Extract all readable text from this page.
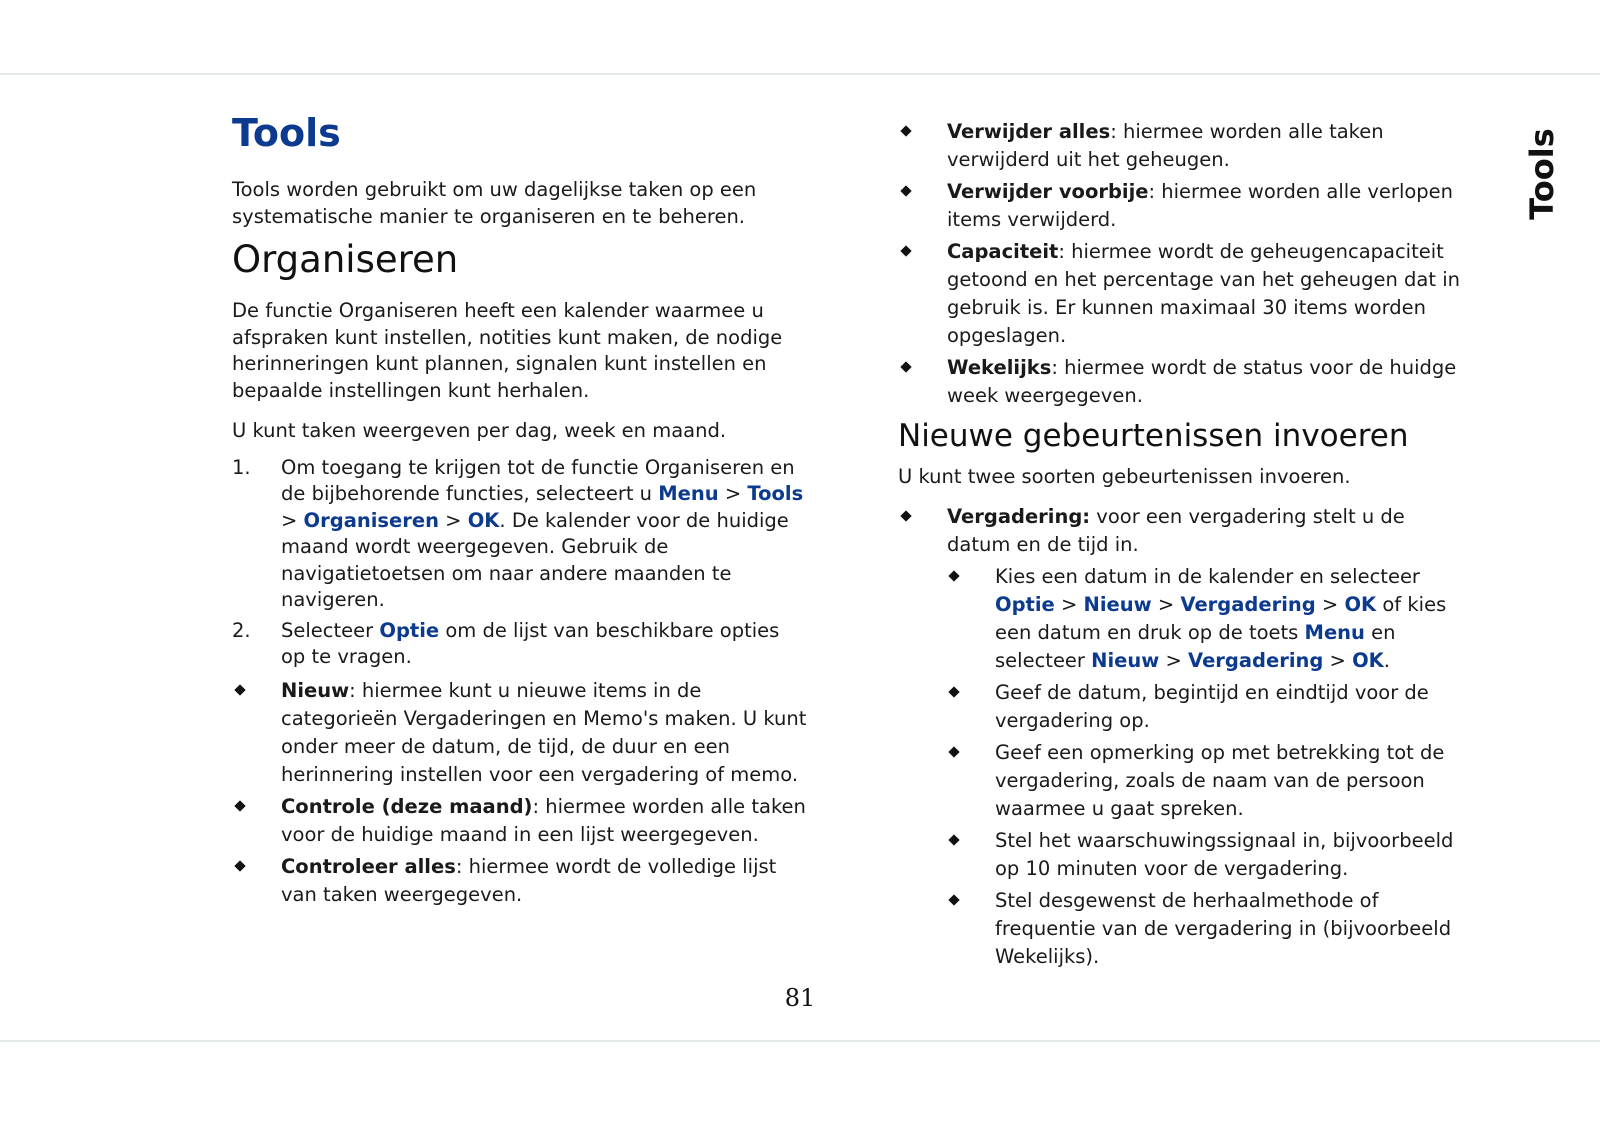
Tools

Tools worden gebruikt om uw dagelijkse taken op een systematische manier te organiseren en te beheren.

Organiseren

De functie Organiseren heeft een kalender waarmee u afspraken kunt instellen, notities kunt maken, de nodige herinneringen kunt plannen, signalen kunt instellen en bepaalde instellingen kunt herhalen.

U kunt taken weergeven per dag, week en maand.

1.	Om toegang te krijgen tot de functie Organiseren en de bijbehorende functies, selecteert u Menu > Tools > Organiseren > OK. De kalender voor de huidige maand wordt weergegeven. Gebruik de navigatietoetsen om naar andere maanden te navigeren.
2.	Selecteer Optie om de lijst van beschikbare opties op te vragen.
Nieuw: hiermee kunt u nieuwe items in de categorieën Vergaderingen en Memo's maken. U kunt onder meer de datum, de tijd, de duur en een herinnering instellen voor een vergadering of memo.
Controle (deze maand): hiermee worden alle taken voor de huidige maand in een lijst weergegeven.
Controleer alles: hiermee wordt de volledige lijst van taken weergegeven.
Verwijder alles: hiermee worden alle taken verwijderd uit het geheugen.
Verwijder voorbije: hiermee worden alle verlopen items verwijderd.
Capaciteit: hiermee wordt de geheugencapaciteit getoond en het percentage van het geheugen dat in gebruik is. Er kunnen maximaal 30 items worden opgeslagen.
Wekelijks: hiermee wordt de status voor de huidge week weergegeven.
Nieuwe gebeurtenissen invoeren

U kunt twee soorten gebeurtenissen invoeren.

Vergadering: voor een vergadering stelt u de datum en de tijd in.
Kies een datum in de kalender en selecteer Optie > Nieuw > Vergadering > OK of kies een datum en druk op de toets Menu en selecteer Nieuw > Vergadering > OK.
Geef de datum, begintijd en eindtijd voor de vergadering op.
Geef een opmerking op met betrekking tot de vergadering, zoals de naam van de persoon waarmee u gaat spreken.
Stel het waarschuwingssignaal in, bijvoorbeeld op 10 minuten voor de vergadering.
Stel desgewenst de herhaalmethode of frequentie van de vergadering in (bijvoorbeeld Wekelijks).
Tools
81
